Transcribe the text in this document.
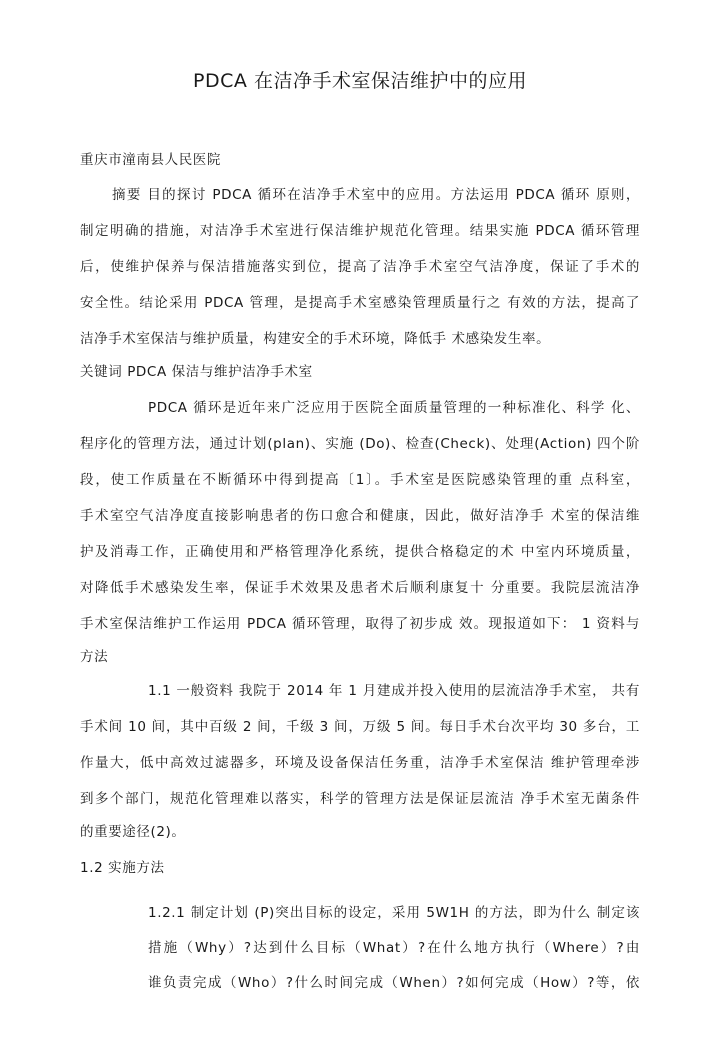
PDCA 在洁净手术室保洁维护中的应用
重庆市潼南县人民医院
摘要 目的探讨 PDCA 循环在洁净手术室中的应用。方法运用 PDCA 循环 原则，
制定明确的措施，对洁净手术室进行保洁维护规范化管理。结果实施 PDCA 循环管理
后，使维护保养与保洁措施落实到位，提高了洁净手术室空气洁净度，保证了手术的
安全性。结论采用 PDCA 管理，是提高手术室感染管理质量行之 有效的方法，提高了
洁净手术室保洁与维护质量，构建安全的手术环境，降低手 术感染发生率。
关键词 PDCA 保洁与维护洁净手术室
PDCA 循环是近年来广泛应用于医院全面质量管理的一种标准化、科学 化、
程序化的管理方法，通过计划(plan)、实施 (Do)、检查(Check)、处理(Action) 四个阶
段，使工作质量在不断循环中得到提高〔1〕。手术室是医院感染管理的重 点科室，
手术室空气洁净度直接影响患者的伤口愈合和健康，因此，做好洁净手 术室的保洁维
护及消毒工作，正确使用和严格管理净化系统，提供合格稳定的术 中室内环境质量，
对降低手术感染发生率，保证手术效果及患者术后顺利康复十 分重要。我院层流洁净
手术室保洁维护工作运用 PDCA 循环管理，取得了初步成 效。现报道如下： 1 资料与
方法
1.1 一般资料 我院于 2014 年 1 月建成并投入使用的层流洁净手术室， 共有
手术间 10 间，其中百级 2 间，千级 3 间，万级 5 间。每日手术台次平均 30 多台，工
作量大，低中高效过滤器多，环境及设备保洁任务重，洁净手术室保洁 维护管理牵涉
到多个部门，规范化管理难以落实，科学的管理方法是保证层流洁 净手术室无菌条件
的重要途径(2)。
1.2 实施方法
1.2.1 制定计划 (P)突出目标的设定，采用 5W1H 的方法，即为什么 制定该
措施（Why）?达到什么目标（What）?在什么地方执行（Where）?由
谁负责完成（Who）?什么时间完成（When）?如何完成（How）?等，依
